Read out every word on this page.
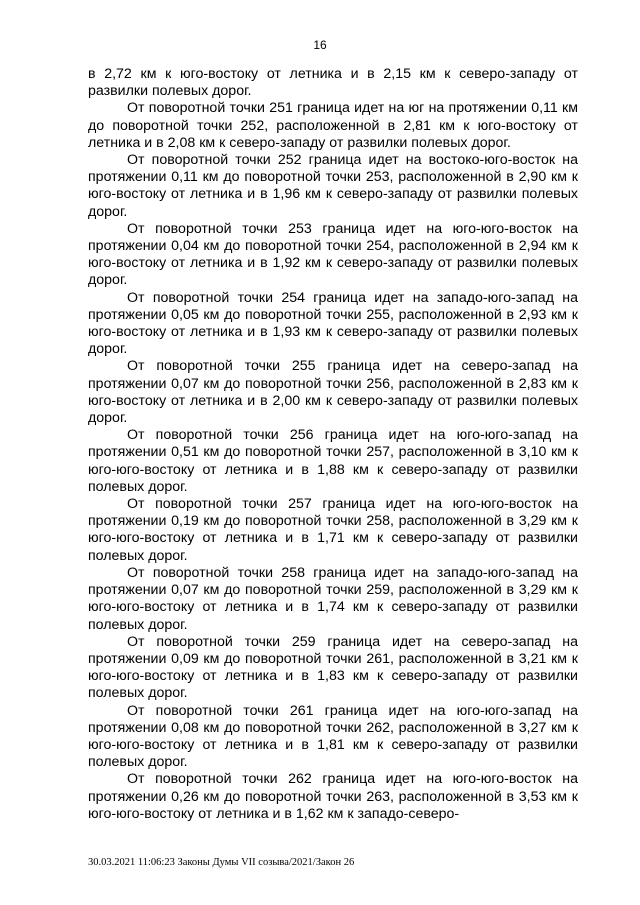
16

в 2,72 км к юго-востоку от летника и в 2,15 км к северо-западу от развилки полевых дорог.

От поворотной точки 251 граница идет на юг на протяжении 0,11 км до поворотной точки 252, расположенной в 2,81 км к юго-востоку от летника и в 2,08 км к северо-западу от развилки полевых дорог.

От поворотной точки 252 граница идет на востоко-юго-восток на протяжении 0,11 км до поворотной точки 253, расположенной в 2,90 км к юго-востоку от летника и в 1,96 км к северо-западу от развилки полевых дорог.

От поворотной точки 253 граница идет на юго-юго-восток на протяжении 0,04 км до поворотной точки 254, расположенной в 2,94 км к юго-востоку от летника и в 1,92 км к северо-западу от развилки полевых дорог.

От поворотной точки 254 граница идет на западо-юго-запад на протяжении 0,05 км до поворотной точки 255, расположенной в 2,93 км к юго-востоку от летника и в 1,93 км к северо-западу от развилки полевых дорог.

От поворотной точки 255 граница идет на северо-запад на протяжении 0,07 км до поворотной точки 256, расположенной в 2,83 км к юго-востоку от летника и в 2,00 км к северо-западу от развилки полевых дорог.

От поворотной точки 256 граница идет на юго-юго-запад на протяжении 0,51 км до поворотной точки 257, расположенной в 3,10 км к юго-юго-востоку от летника и в 1,88 км к северо-западу от развилки полевых дорог.

От поворотной точки 257 граница идет на юго-юго-восток на протяжении 0,19 км до поворотной точки 258, расположенной в 3,29 км к юго-юго-востоку от летника и в 1,71 км к северо-западу от развилки полевых дорог.

От поворотной точки 258 граница идет на западо-юго-запад на протяжении 0,07 км до поворотной точки 259, расположенной в 3,29 км к юго-юго-востоку от летника и в 1,74 км к северо-западу от развилки полевых дорог.

От поворотной точки 259 граница идет на северо-запад на протяжении 0,09 км до поворотной точки 261, расположенной в 3,21 км к юго-юго-востоку от летника и в 1,83 км к северо-западу от развилки полевых дорог.

От поворотной точки 261 граница идет на юго-юго-запад на протяжении 0,08 км до поворотной точки 262, расположенной в 3,27 км к юго-юго-востоку от летника и в 1,81 км к северо-западу от развилки полевых дорог.

От поворотной точки 262 граница идет на юго-юго-восток на протяжении 0,26 км до поворотной точки 263, расположенной в 3,53 км к юго-юго-востоку от летника и в 1,62 км к западо-северо-

30.03.2021 11:06:23 Законы Думы VII созыва/2021/Закон 26
